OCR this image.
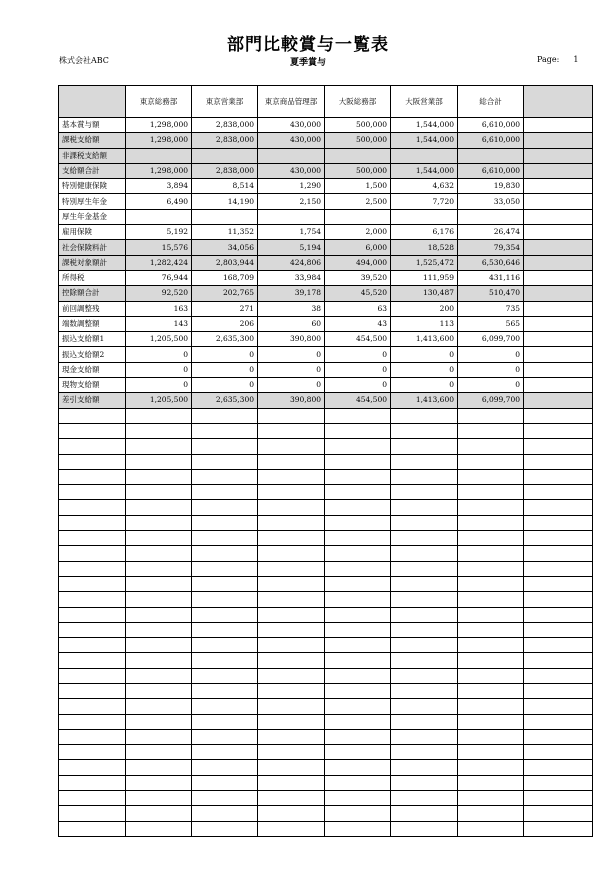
部門比較賞与一覧表
株式会社ABC	夏季賞与	Page: 1
	東京総務部	東京営業部	東京商品管理部	大阪総務部	大阪営業部	総合計	
基本賞与額	1,298,000	2,838,000	430,000	500,000	1,544,000	6,610,000	
課税支給額	1,298,000	2,838,000	430,000	500,000	1,544,000	6,610,000	
非課税支給額							
支給額合計	1,298,000	2,838,000	430,000	500,000	1,544,000	6,610,000	
特別健康保険	3,894	8,514	1,290	1,500	4,632	19,830	
特別厚生年金	6,490	14,190	2,150	2,500	7,720	33,050	
厚生年金基金							
雇用保険	5,192	11,352	1,754	2,000	6,176	26,474	
社会保険料計	15,576	34,056	5,194	6,000	18,528	79,354	
課税対象額計	1,282,424	2,803,944	424,806	494,000	1,525,472	6,530,646	
所得税	76,944	168,709	33,984	39,520	111,959	431,116	
控除額合計	92,520	202,765	39,178	45,520	130,487	510,470	
前回調整残	163	271	38	63	200	735	
端数調整額	143	206	60	43	113	565	
振込支給額1	1,205,500	2,635,300	390,800	454,500	1,413,600	6,099,700	
振込支給額2	0	0	0	0	0	0	
現金支給額	0	0	0	0	0	0	
現物支給額	0	0	0	0	0	0	
差引支給額	1,205,500	2,635,300	390,800	454,500	1,413,600	6,099,700	
